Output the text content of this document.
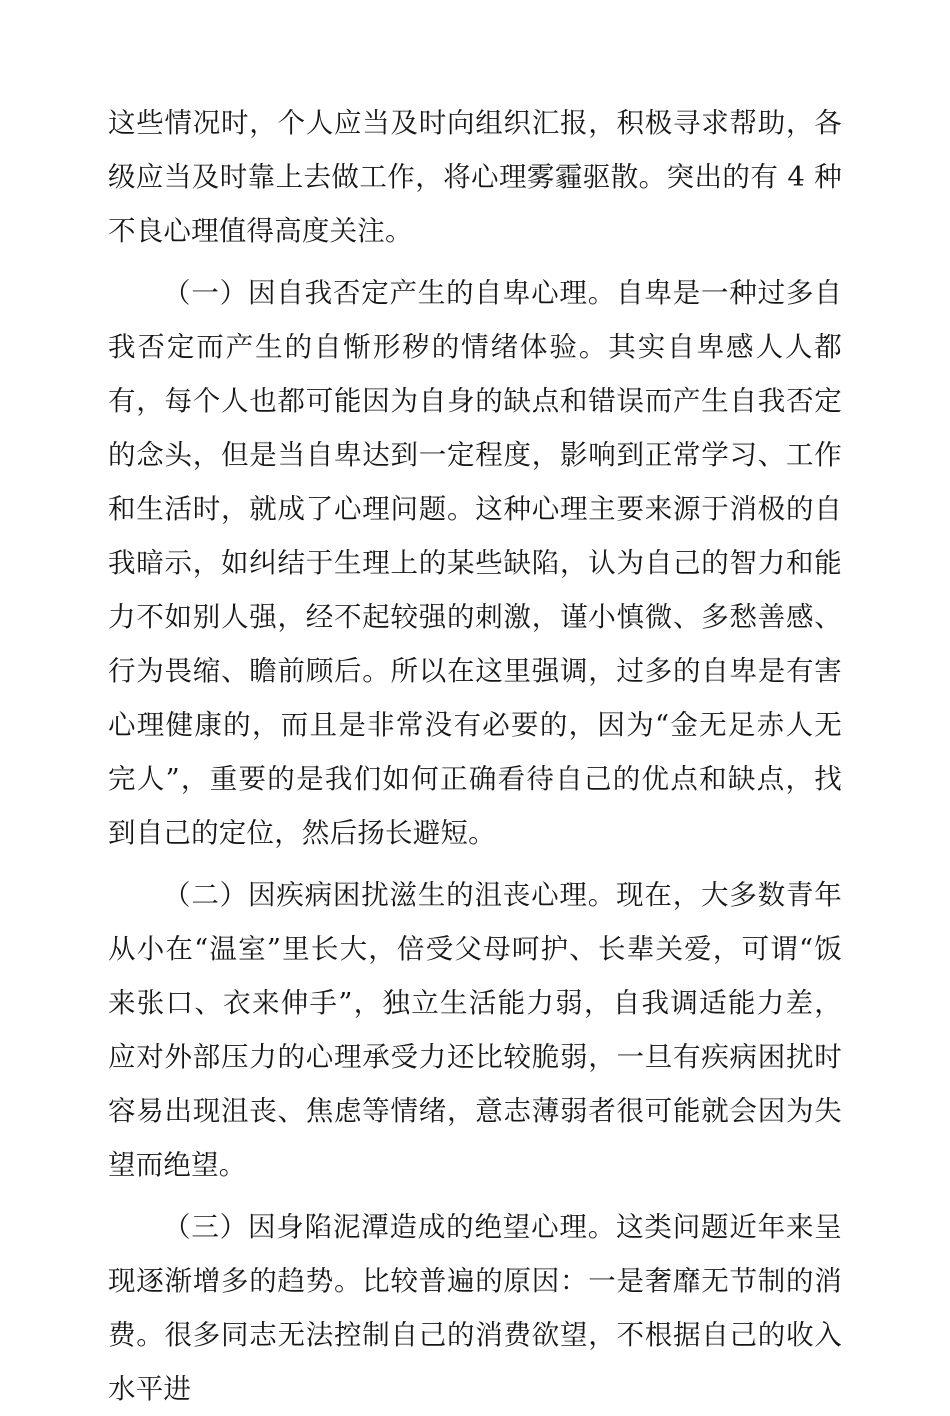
这些情况时，个人应当及时向组织汇报，积极寻求帮助，各级应当及时靠上去做工作，将心理雾霾驱散。突出的有 4 种不良心理值得高度关注。

（一）因自我否定产生的自卑心理。自卑是一种过多自我否定而产生的自惭形秽的情绪体验。其实自卑感人人都有，每个人也都可能因为自身的缺点和错误而产生自我否定的念头，但是当自卑达到一定程度，影响到正常学习、工作和生活时，就成了心理问题。这种心理主要来源于消极的自我暗示，如纠结于生理上的某些缺陷，认为自己的智力和能力不如别人强，经不起较强的刺激，谨小慎微、多愁善感、行为畏缩、瞻前顾后。所以在这里强调，过多的自卑是有害心理健康的，而且是非常没有必要的，因为“金无足赤人无完人”，重要的是我们如何正确看待自己的优点和缺点，找到自己的定位，然后扬长避短。

（二）因疾病困扰滋生的沮丧心理。现在，大多数青年从小在“温室”里长大，倍受父母呵护、长辈关爱，可谓“饭来张口、衣来伸手”，独立生活能力弱，自我调适能力差，应对外部压力的心理承受力还比较脆弱，一旦有疾病困扰时容易出现沮丧、焦虑等情绪，意志薄弱者很可能就会因为失望而绝望。

（三）因身陷泥潭造成的绝望心理。这类问题近年来呈现逐渐增多的趋势。比较普遍的原因：一是奢靡无节制的消费。很多同志无法控制自己的消费欲望，不根据自己的收入水平进
